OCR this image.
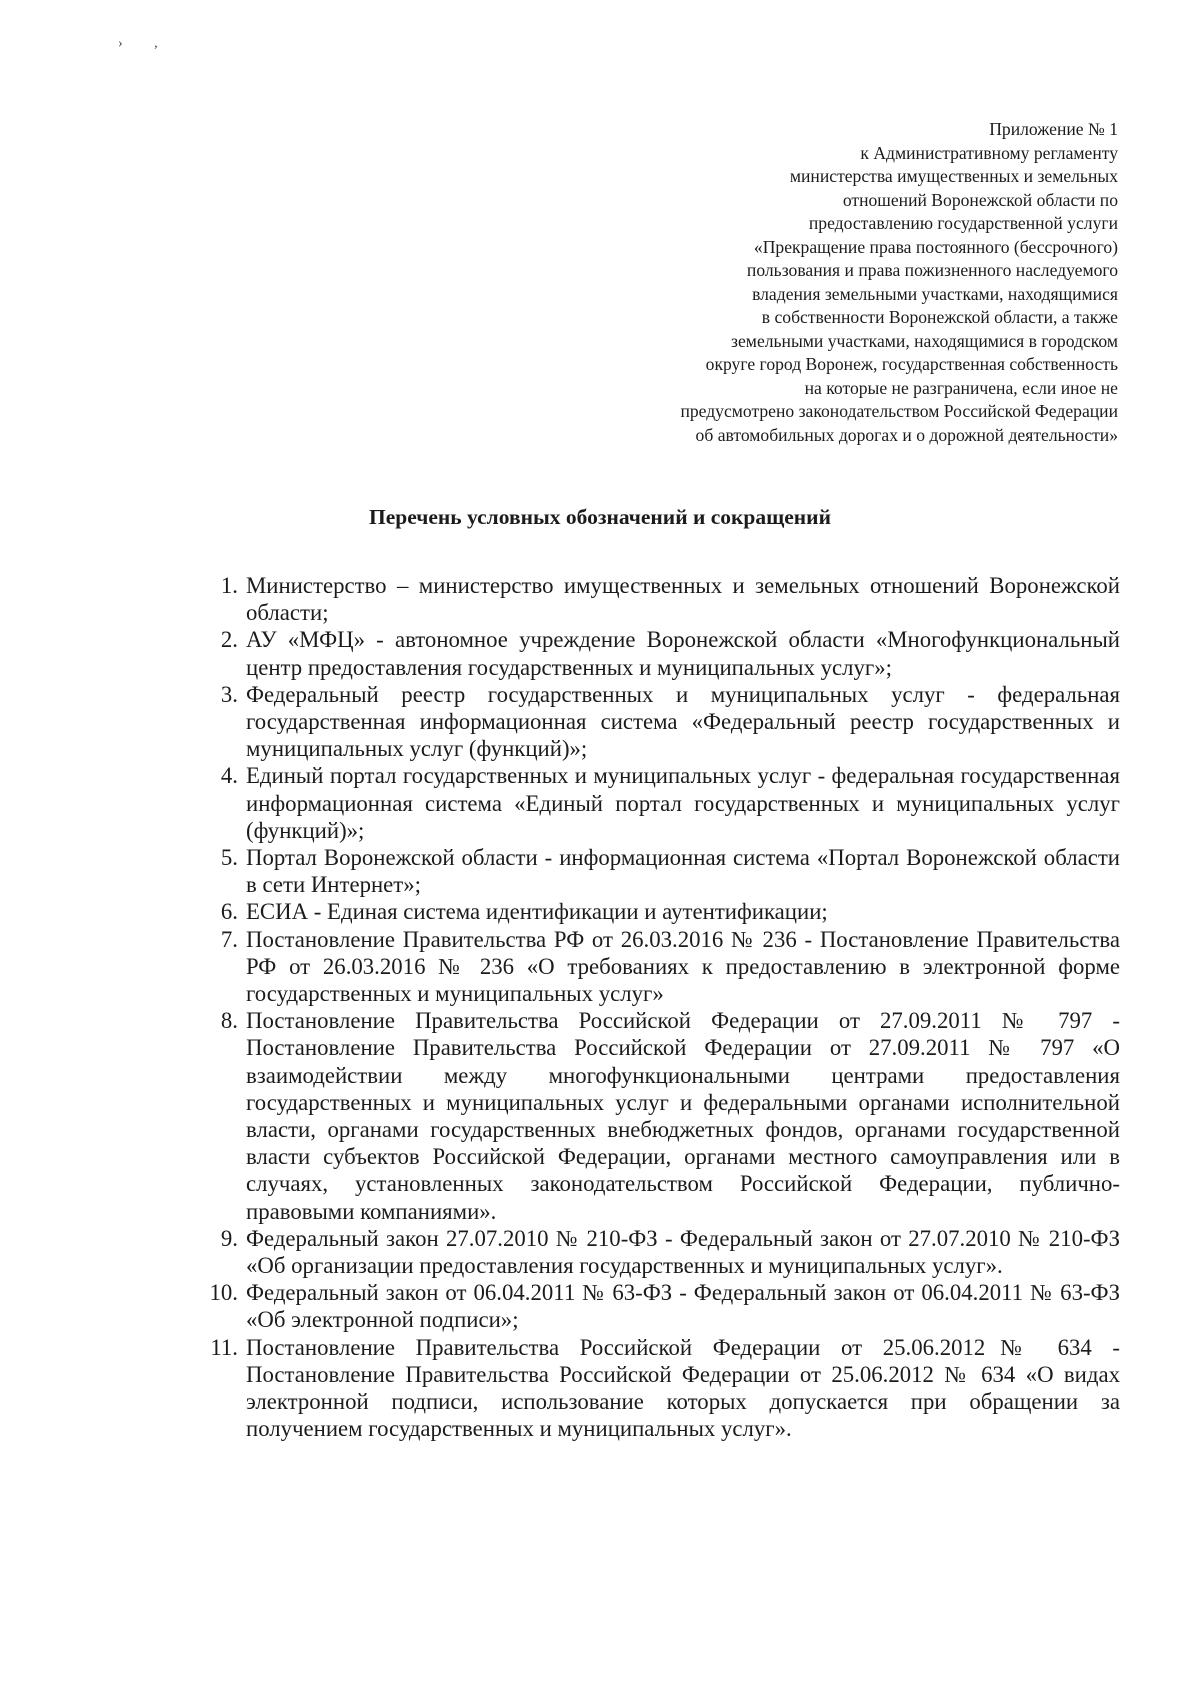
› ,
Приложение № 1
к Административному регламенту
министерства имущественных и земельных
отношений Воронежской области по
предоставлению государственной услуги
«Прекращение права постоянного (бессрочного)
пользования и права пожизненного наследуемого
владения земельными участками, находящимися
в собственности Воронежской области, а также
земельными участками, находящимися в городском
округе город Воронеж, государственная собственность
на которые не разграничена, если иное не
предусмотрено законодательством Российской Федерации
об автомобильных дорогах и о дорожной деятельности»
Перечень условных обозначений и сокращений

1. Министерство – министерство имущественных и земельных отношений Воронежской области;

2. АУ «МФЦ» - автономное учреждение Воронежской области «Многофункциональный центр предоставления государственных и муниципальных услуг»;

3. Федеральный реестр государственных и муниципальных услуг - федеральная государственная информационная система «Федеральный реестр государственных и муниципальных услуг (функций)»;

4. Единый портал государственных и муниципальных услуг - федеральная государственная информационная система «Единый портал государственных и муниципальных услуг (функций)»;

5. Портал Воронежской области - информационная система «Портал Воронежской области в сети Интернет»;

6. ЕСИА - Единая система идентификации и аутентификации;

7. Постановление Правительства РФ от 26.03.2016 № 236 - Постановление Правительства РФ от 26.03.2016 № 236 «О требованиях к предоставлению в электронной форме государственных и муниципальных услуг»

8. Постановление Правительства Российской Федерации от 27.09.2011 № 797 - Постановление Правительства Российской Федерации от 27.09.2011 № 797 «О взаимодействии между многофункциональными центрами предоставления государственных и муниципальных услуг и федеральными органами исполнительной власти, органами государственных внебюджетных фондов, органами государственной власти субъектов Российской Федерации, органами местного самоуправления или в случаях, установленных законодательством Российской Федерации, публично-правовыми компаниями».

9. Федеральный закон 27.07.2010 № 210-ФЗ - Федеральный закон от 27.07.2010 № 210-ФЗ «Об организации предоставления государственных и муниципальных услуг».

10. Федеральный закон от 06.04.2011 № 63-ФЗ - Федеральный закон от 06.04.2011 № 63-ФЗ «Об электронной подписи»;

11. Постановление Правительства Российской Федерации от 25.06.2012№ 634 - Постановление Правительства Российской Федерации от 25.06.2012 № 634 «О видах электронной подписи, использование которых допускается при обращении за получением государственных и муниципальных услуг».
